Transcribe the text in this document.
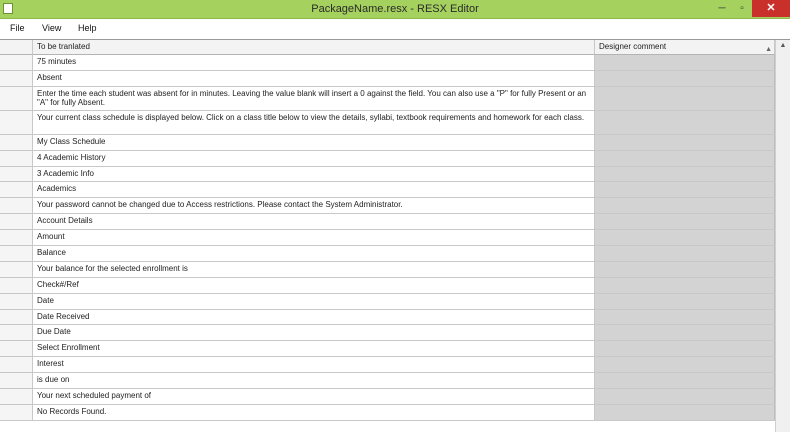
PackageName.resx - RESX Editor	─	▫	✕
File View Help
To be tranlated	Designer comment	▲
75 minutes
Absent
Enter the time each student was absent for in minutes. Leaving the value blank will insert a 0 against the field. You can also use a "P" for fully Present or an "A" for fully Absent.
Your current class schedule is displayed below. Click on a class title below to view the details, syllabi, textbook requirements and homework for each class.
My Class Schedule
4 Academic History
3 Academic Info
Academics
Your password cannot be changed due to Access restrictions. Please contact the System Administrator.
Account Details
Amount
Balance
Your balance for the selected enrollment is
Check#/Ref
Date
Date Received
Due Date
Select Enrollment
Interest
is due on
Your next scheduled payment of
No Records Found.
▲
